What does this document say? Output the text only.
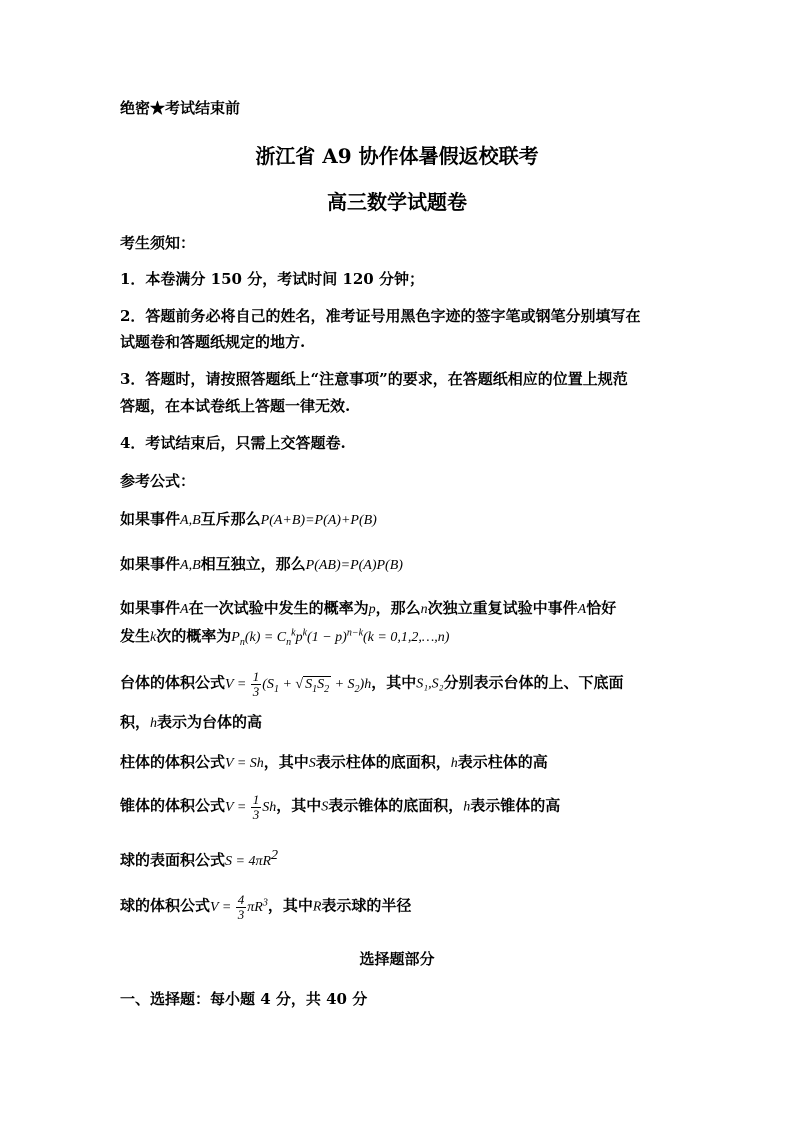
绝密★考试结束前
浙江省 A9 协作体暑假返校联考
高三数学试题卷
考生须知：
1．本卷满分 150 分，考试时间 120 分钟；
2．答题前务必将自己的姓名，准考证号用黑色字迹的签字笔或钢笔分别填写在
试题卷和答题纸规定的地方.
3．答题时，请按照答题纸上“注意事项”的要求，在答题纸相应的位置上规范
答题，在本试卷纸上答题一律无效.
4．考试结束后，只需上交答题卷.
参考公式：
如果事件A,B互斥那么P(A+B)=P(A)+P(B)
如果事件A,B相互独立，那么P(AB)=P(A)P(B)
如果事件A在一次试验中发生的概率为p，那么n次独立重复试验中事件A恰好
发生k次的概率为$P_n(k) = C_n^kp^k(1 - p)^{n-k}(k$ = 0,1,2,…,n)
台体的体积公式$V = \frac{1}{3} (S_1$ + √ $S_1S_2 + S_2)h$，其中S₁,S₂分别表示台体的上、下底面
积，h表示为台体的高
柱体的体积公式V = Sh，其中S表示柱体的底面积，h表示柱体的高
锥体的体积公式$V = \frac{1}{3}$ Sh，其中S表示锥体的底面积，h表示锥体的高
球的表面积公式$S = 4\pi R^2$
球的体积公式$V = \frac{4}{3} \pi R^3$，其中R表示球的半径
选择题部分
一、选择题：每小题 4 分，共 40 分
